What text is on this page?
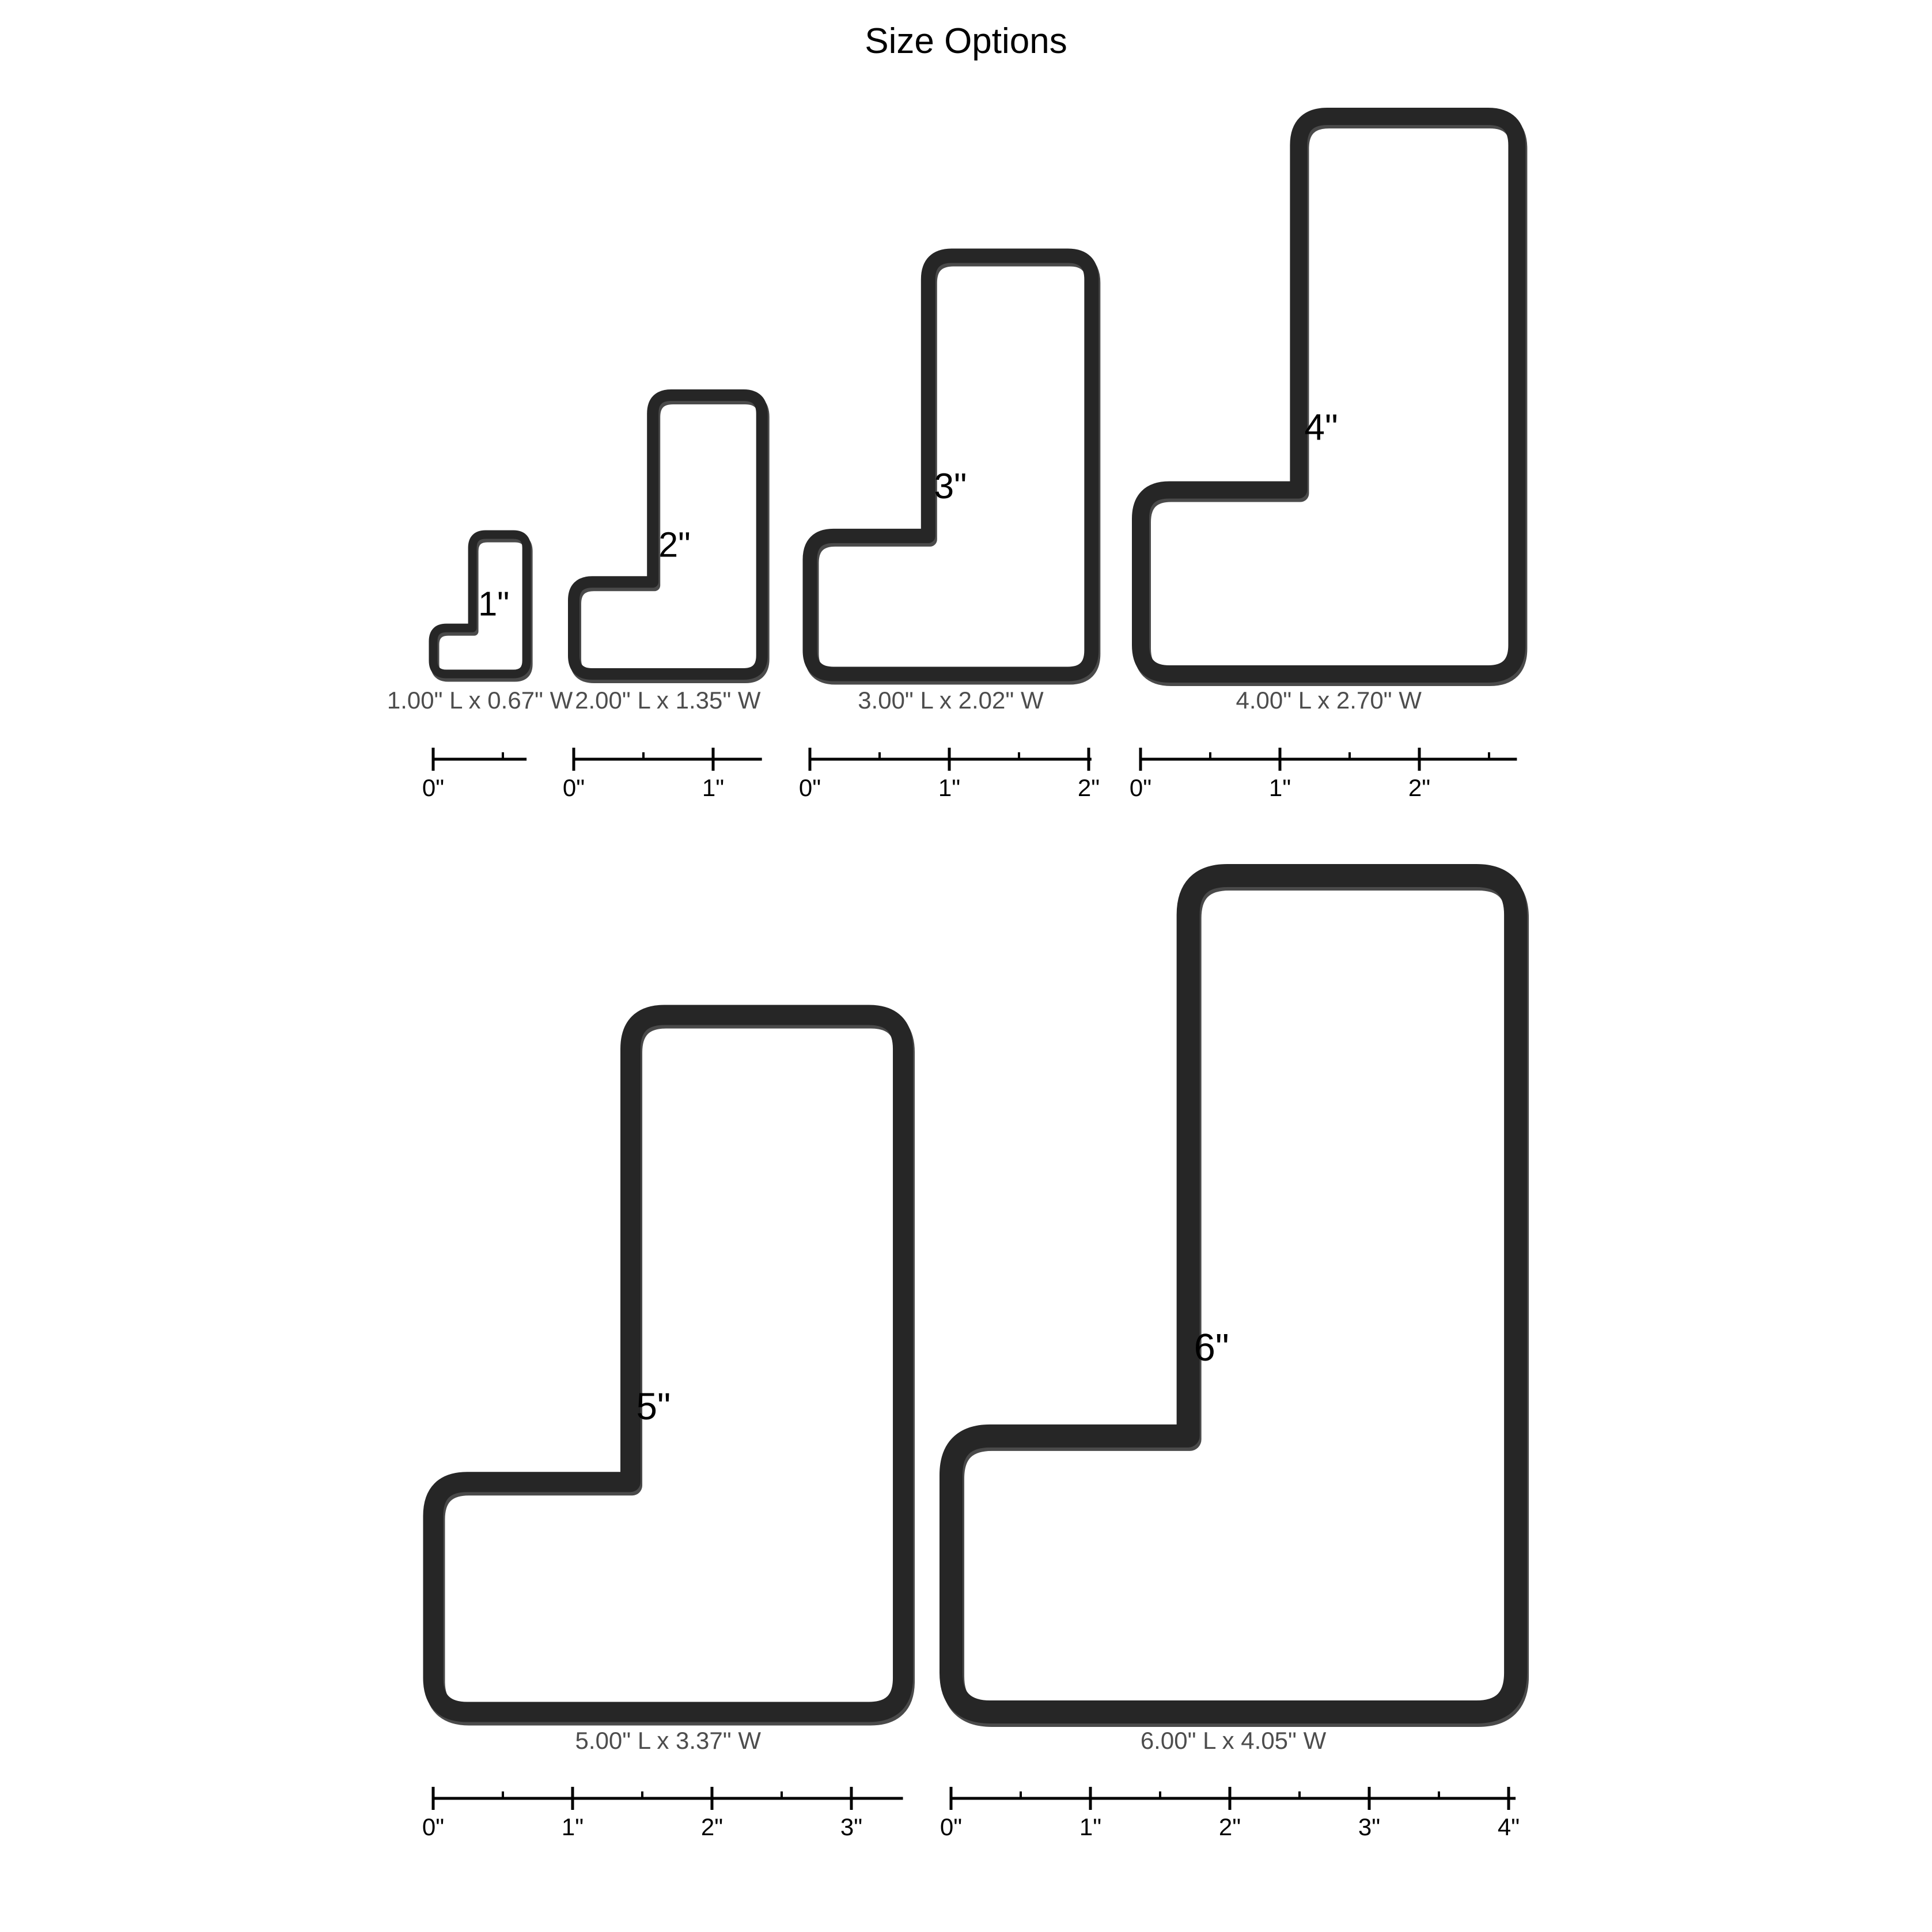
Size Options
1"
1.00" L x 0.67" W
0"
2"
2.00" L x 1.35" W
0"	1"
3"
3.00" L x 2.02" W
0"	1"	2"
4"
4.00" L x 2.70" W
0"	1"	2"
5"
5.00" L x 3.37" W
0"	1"	2"	3"
6"
6.00" L x 4.05" W
0"	1"	2"	3"	4"
